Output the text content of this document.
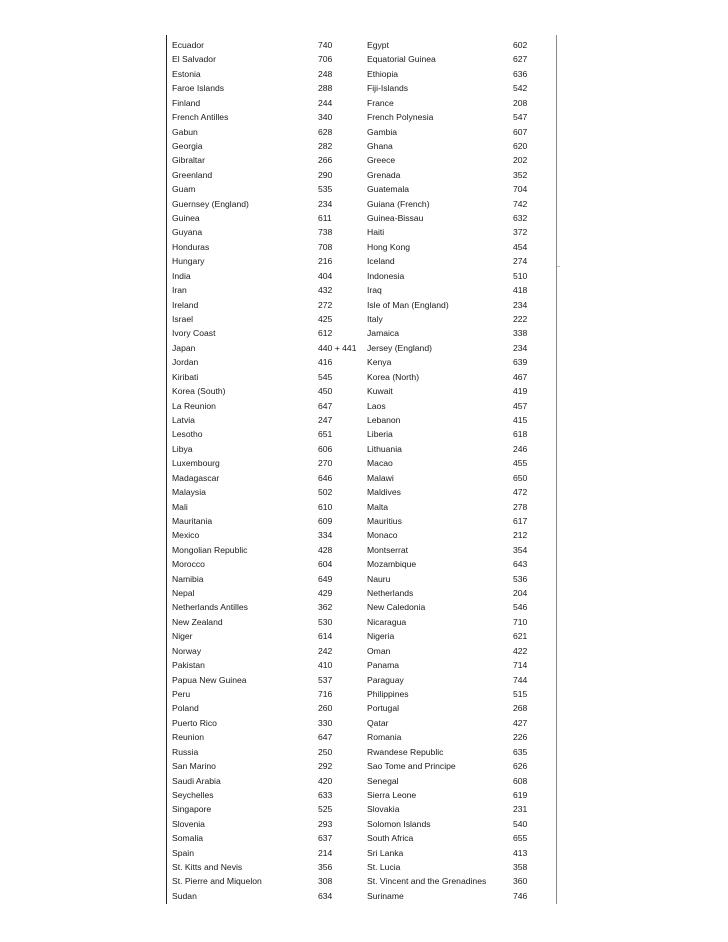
Ecuador	740	Egypt	602
El Salvador	706	Equatorial Guinea	627
Estonia	248	Ethiopia	636
Faroe Islands	288	Fiji-Islands	542
Finland	244	France	208
French Antilles	340	French Polynesia	547
Gabun	628	Gambia	607
Georgia	282	Ghana	620
Gibraltar	266	Greece	202
Greenland	290	Grenada	352
Guam	535	Guatemala	704
Guernsey (England)	234	Guiana (French)	742
Guinea	611	Guinea-Bissau	632
Guyana	738	Haiti	372
Honduras	708	Hong Kong	454
Hungary	216	Iceland	274
India	404	Indonesia	510
Iran	432	Iraq	418
Ireland	272	Isle of Man (England)	234
Israel	425	Italy	222
Ivory Coast	612	Jamaica	338
Japan	440 + 441 Jersey (England)	234
Jordan	416	Kenya	639
Kiribati	545	Korea (North)	467
Korea (South)	450	Kuwait	419
La Reunion	647	Laos	457
Latvia	247	Lebanon	415
Lesotho	651	Liberia	618
Libya	606	Lithuania	246
Luxembourg	270	Macao	455
Madagascar	646	Malawi	650
Malaysia	502	Maldives	472
Mali	610	Malta	278
Mauritania	609	Mauritius	617
Mexico	334	Monaco	212
Mongolian Republic	428	Montserrat	354
Morocco	604	Mozambique	643
Namibia	649	Nauru	536
Nepal	429	Netherlands	204
Netherlands Antilles	362	New Caledonia	546
New Zealand	530	Nicaragua	710
Niger	614	Nigeria	621
Norway	242	Oman	422
Pakistan	410	Panama	714
Papua New Guinea	537	Paraguay	744
Peru	716	Philippines	515
Poland	260	Portugal	268
Puerto Rico	330	Qatar	427
Reunion	647	Romania	226
Russia	250	Rwandese Republic	635
San Marino	292	Sao Tome and Principe	626
Saudi Arabia	420	Senegal	608
Seychelles	633	Sierra Leone	619
Singapore	525	Slovakia	231
Slovenia	293	Solomon Islands	540
Somalia	637	South Africa	655
Spain	214	Sri Lanka	413
St. Kitts and Nevis	356	St. Lucia	358
St. Pierre and Miquelon	308	St. Vincent and the Grenadines	360
Sudan	634	Suriname	746
